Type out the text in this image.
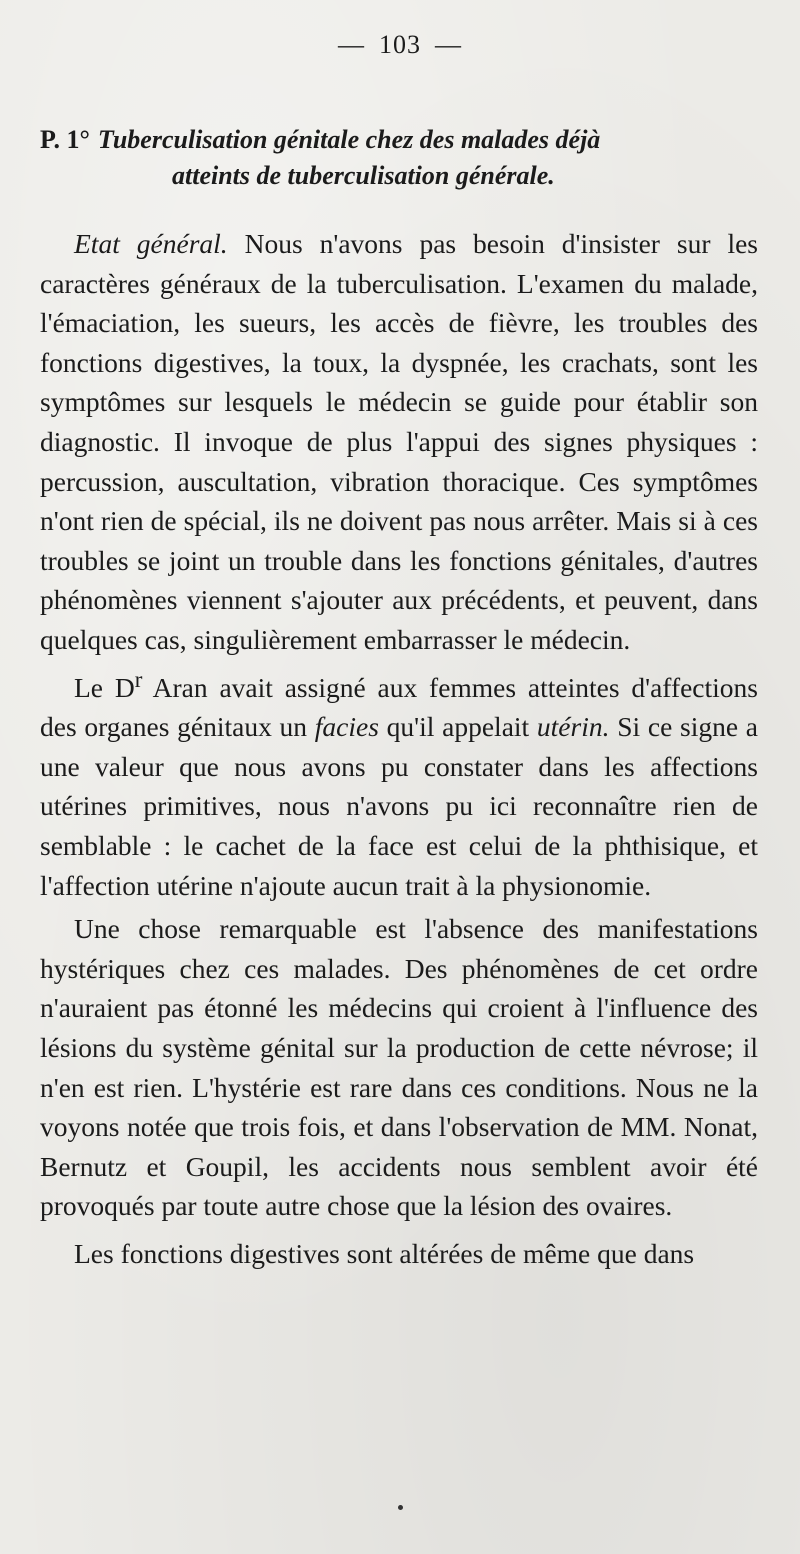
— 103 —

P. 1° Tuberculisation génitale chez des malades déjà
atteints de tuberculisation générale.

Etat général. Nous n'avons pas besoin d'insister sur les caractères généraux de la tuberculisation. L'examen du malade, l'émaciation, les sueurs, les accès de fièvre, les troubles des fonctions digestives, la toux, la dyspnée, les crachats, sont les symptômes sur lesquels le médecin se guide pour établir son diagnostic. Il invoque de plus l'appui des signes physiques : percussion, auscultation, vibration thoracique. Ces symptômes n'ont rien de spécial, ils ne doivent pas nous arrêter. Mais si à ces troubles se joint un trouble dans les fonctions génitales, d'autres phénomènes viennent s'ajouter aux précédents, et peuvent, dans quelques cas, singulièrement embarrasser le médecin.

Le $D^r$ Aran avait assigné aux femmes atteintes d'affections des organes génitaux un facies qu'il appelait utérin. Si ce signe a une valeur que nous avons pu constater dans les affections utérines primitives, nous n'avons pu ici reconnaître rien de semblable : le cachet de la face est celui de la phthisique, et l'affection utérine n'ajoute aucun trait à la physionomie.

Une chose remarquable est l'absence des manifestations hystériques chez ces malades. Des phénomènes de cet ordre n'auraient pas étonné les médecins qui croient à l'influence des lésions du système génital sur la production de cette névrose; il n'en est rien. L'hystérie est rare dans ces conditions. Nous ne la voyons notée que trois fois, et dans l'observation de MM. Nonat, Bernutz et Goupil, les accidents nous semblent avoir été provoqués par toute autre chose que la lésion des ovaires.

Les fonctions digestives sont altérées de même que dans
